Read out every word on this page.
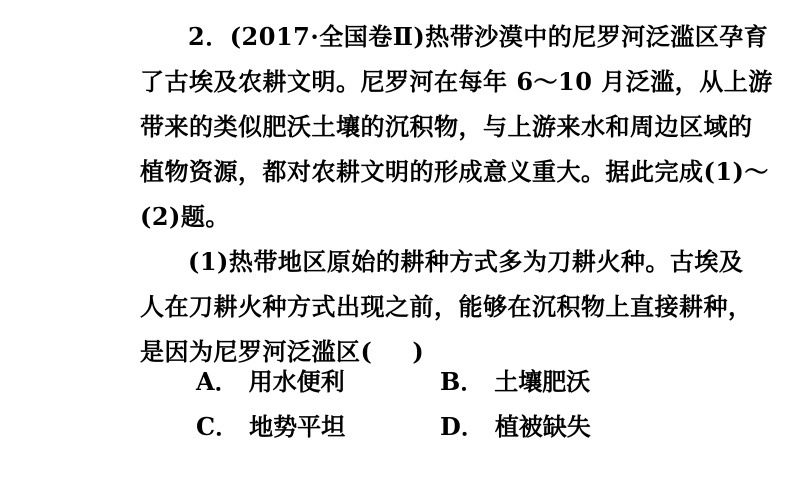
2．(2017·全国卷Ⅱ)热带沙漠中的尼罗河泛滥区孕育
了古埃及农耕文明。尼罗河在每年 6～10 月泛滥，从上游
带来的类似肥沃土壤的沉积物，与上游来水和周边区域的
植物资源，都对农耕文明的形成意义重大。据此完成(1)～
(2)题。
(1)热带地区原始的耕种方式多为刀耕火种。古埃及
人在刀耕火种方式出现之前，能够在沉积物上直接耕种，
是因为尼罗河泛滥区( )
A． 用水便利	B． 土壤肥沃
C． 地势平坦	D． 植被缺失
